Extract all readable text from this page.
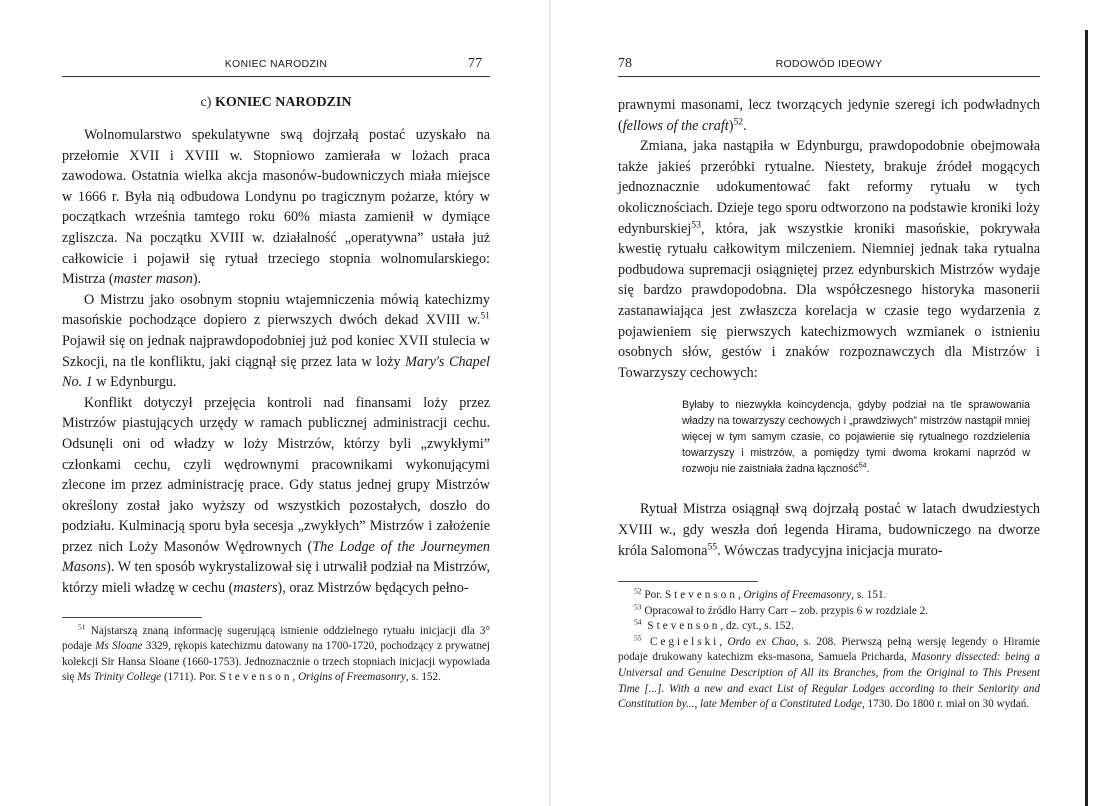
KONIEC NARODZIN	77
c) KONIEC NARODZIN

Wolnomularstwo spekulatywne swą dojrzałą postać uzyskało na przełomie XVII i XVIII w. Stopniowo zamierała w lożach praca zawodowa. Ostatnia wielka akcja masonów-budowniczych miała miejsce w 1666 r. Była nią odbudowa Londynu po tragicznym pożarze, który w początkach września tamtego roku 60% miasta zamienił w dymiące zgliszcza. Na początku XVIII w. działalność „operatywna” ustała już całkowicie i pojawił się rytuał trzeciego stopnia wolnomularskiego: Mistrza (master mason).

O Mistrzu jako osobnym stopniu wtajemniczenia mówią katechizmy masońskie pochodzące dopiero z pierwszych dwóch dekad XVIII w.$^{51}$ Pojawił się on jednak najprawdopodobniej już pod koniec XVII stulecia w Szkocji, na tle konfliktu, jaki ciągnął się przez lata w loży Mary's Chapel No. 1 w Edynburgu.

Konflikt dotyczył przejęcia kontroli nad finansami loży przez Mistrzów piastujących urzędy w ramach publicznej administracji cechu. Odsunęli oni od władzy w loży Mistrzów, którzy byli „zwykłymi” członkami cechu, czyli wędrownymi pracownikami wykonującymi zlecone im przez administrację prace. Gdy status jednej grupy Mistrzów określony został jako wyższy od wszystkich pozostałych, doszło do podziału. Kulminacją sporu była secesja „zwykłych” Mistrzów i założenie przez nich Loży Masonów Wędrownych (The Lodge of the Journeymen Masons). W ten sposób wykrystalizował się i utrwalił podział na Mistrzów, którzy mieli władzę w cechu (masters), oraz Mistrzów będących pełno-

$^{51}$ Najstarszą znaną informację sugerującą istnienie oddzielnego rytuału inicjacji dla 3° podaje Ms Sloane 3329, rękopis katechizmu datowany na 1700-1720, pochodzący z prywatnej kolekcji Sir Hansa Sloane (1660-1753). Jednoznacznie o trzech stopniach inicjacji wypowiada się Ms Trinity College (1711). Por. Stevenson, Origins of Freemasonry, s. 152.

78	RODOWÓD IDEOWY

prawnymi masonami, lecz tworzących jedynie szeregi ich podwładnych (fellows of the craft)$^{52}$.

Zmiana, jaka nastąpiła w Edynburgu, prawdopodobnie obejmowała także jakieś przeróbki rytualne. Niestety, brakuje źródeł mogących jednoznacznie udokumentować fakt reformy rytuału w tych okolicznościach. Dzieje tego sporu odtworzono na podstawie kroniki loży edynburskiej$^{53}$, która, jak wszystkie kroniki masońskie, pokrywała kwestię rytuału całkowitym milczeniem. Niemniej jednak taka rytualna podbudowa supremacji osiągniętej przez edynburskich Mistrzów wydaje się bardzo prawdopodobna. Dla współczesnego historyka masonerii zastanawiająca jest zwłaszcza korelacja w czasie tego wydarzenia z pojawieniem się pierwszych katechizmowych wzmianek o istnieniu osobnych słów, gestów i znaków rozpoznawczych dla Mistrzów i Towarzyszy cechowych:

Byłaby to niezwykła koincydencja, gdyby podział na tle sprawowania władzy na towarzyszy cechowych i „prawdziwych” mistrzów nastąpił mniej więcej w tym samym czasie, co pojawienie się rytualnego rozdzielenia towarzyszy i mistrzów, a pomiędzy tymi dwoma krokami naprzód w rozwoju nie zaistniała żadna łączność$^{54}$.

Rytuał Mistrza osiągnął swą dojrzałą postać w latach dwudziestych XVIII w., gdy weszła doń legenda Hirama, budowniczego na dworze króla Salomona$^{55}$. Wówczas tradycyjna inicjacja murato-

$^{52}$ Por. Stevenson, Origins of Freemasonry, s. 151.

$^{53}$ Opracował to źródło Harry Carr – zob. przypis 6 w rozdziale 2.

$^{54}$ Stevenson, dz. cyt., s. 152.

$^{55}$ Cegielski, Ordo ex Chao, s. 208. Pierwszą pełną wersję legendy o Hiramie podaje drukowany katechizm eks-masona, Samuela Pricharda, Masonry dissected: being a Universal and Genuine Description of All its Branches, from the Original to This Present Time [...]. With a new and exact List of Regular Lodges according to their Seniority and Constitution by..., late Member of a Constituted Lodge, 1730. Do 1800 r. miał on 30 wydań.
